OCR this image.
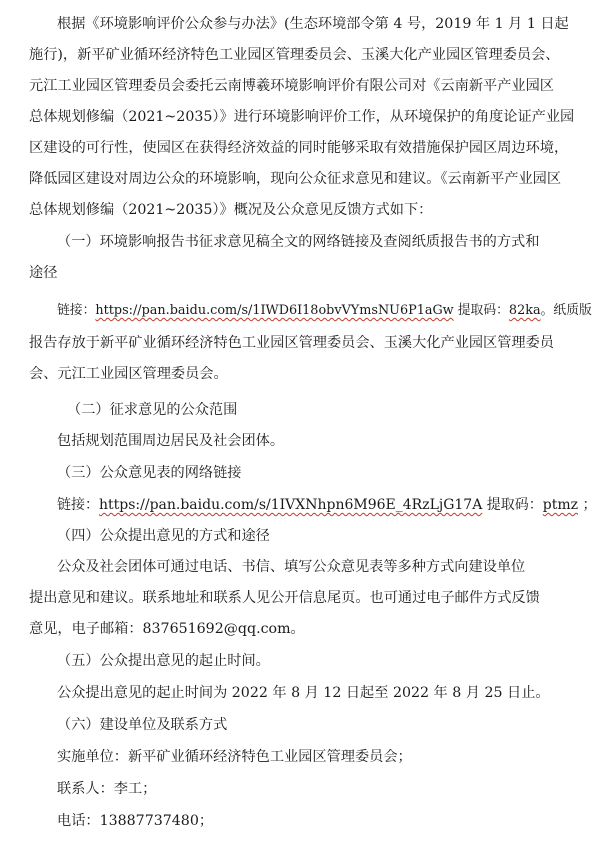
根据《环境影响评价公众参与办法》(生态环境部令第 4 号，2019 年 1 月 1 日起
施行)，新平矿业循环经济特色工业园区管理委员会、玉溪大化产业园区管理委员会、
元江工业园区管理委员会委托云南博羲环境影响评价有限公司对《云南新平产业园区
总体规划修编（2021~2035）》进行环境影响评价工作，从环境保护的角度论证产业园
区建设的可行性，使园区在获得经济效益的同时能够采取有效措施保护园区周边环境，
降低园区建设对周边公众的环境影响，现向公众征求意见和建议。《云南新平产业园区
总体规划修编（2021~2035）》概况及公众意见反馈方式如下：
（一）环境影响报告书征求意见稿全文的网络链接及查阅纸质报告书的方式和
途径
链接：https://pan.baidu.com/s/1IWD6I18obvVYmsNU6P1aGw 提取码：82ka。纸质版
报告存放于新平矿业循环经济特色工业园区管理委员会、玉溪大化产业园区管理委员
会、元江工业园区管理委员会。
（二）征求意见的公众范围
包括规划范围周边居民及社会团体。
（三）公众意见表的网络链接
链接：https://pan.baidu.com/s/1IVXNhpn6M96E_4RzLjG17A 提取码：ptmz ；
（四）公众提出意见的方式和途径
公众及社会团体可通过电话、书信、填写公众意见表等多种方式向建设单位
提出意见和建议。联系地址和联系人见公开信息尾页。也可通过电子邮件方式反馈
意见，电子邮箱：837651692@qq.com。
（五）公众提出意见的起止时间。
公众提出意见的起止时间为 2022 年 8 月 12 日起至 2022 年 8 月 25 日止。
（六）建设单位及联系方式
实施单位：新平矿业循环经济特色工业园区管理委员会；
联系人：李工；
电话：13887737480；
